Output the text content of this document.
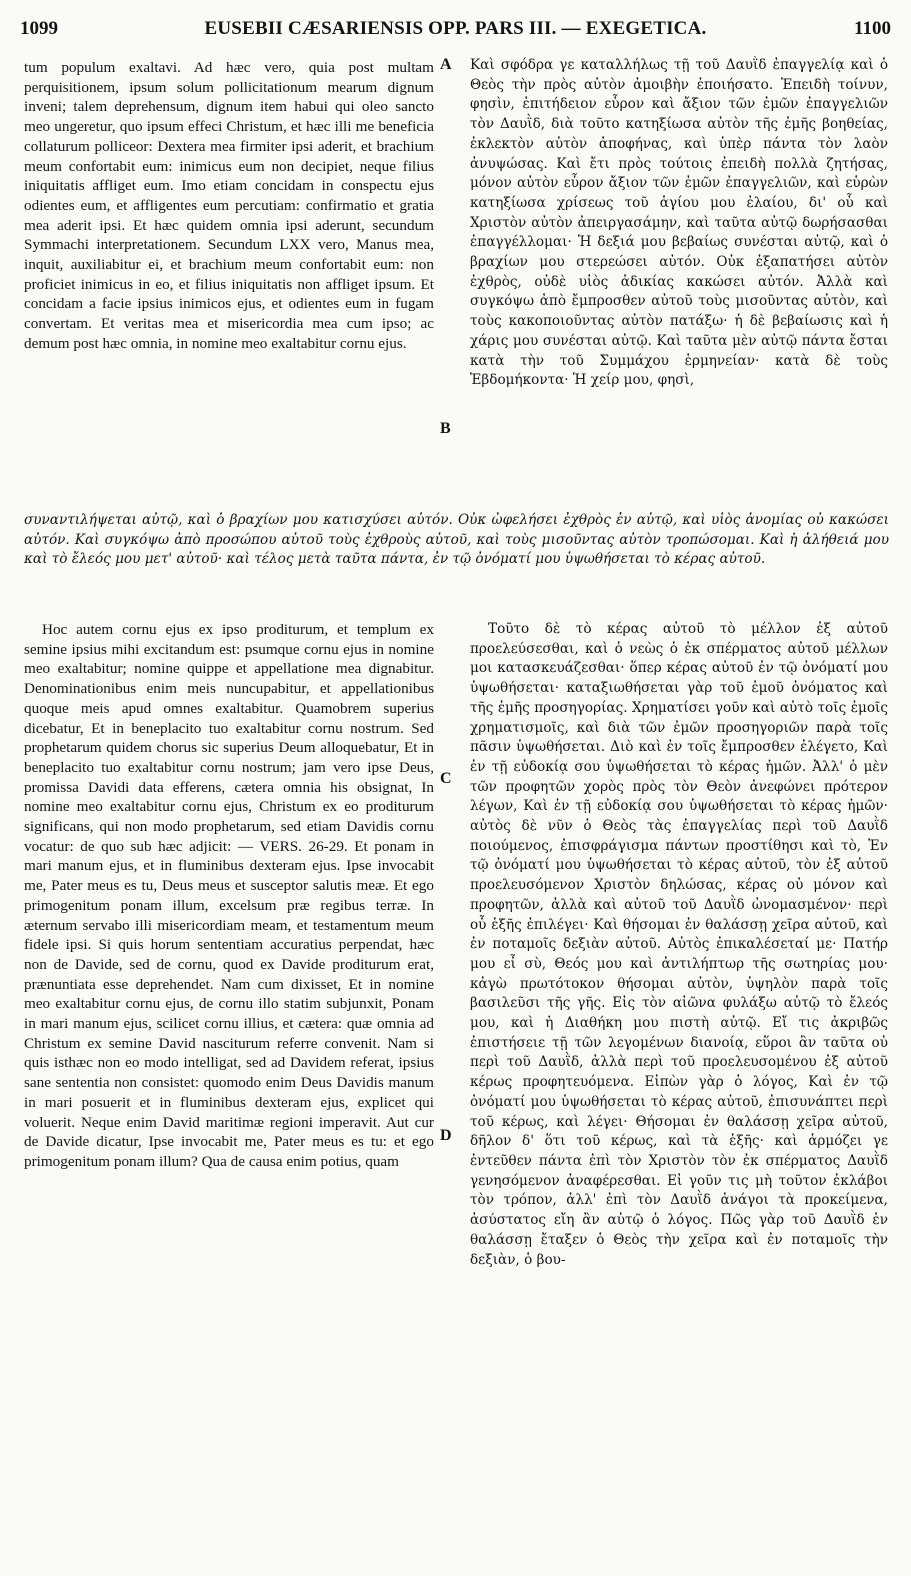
1099	EUSEBII CÆSARIENSIS OPP. PARS III. — EXEGETICA.	1100
A
B
C
D

tum populum exaltavi. Ad hæc vero, quia post multam perquisitionem, ipsum solum pollicitationum mearum dignum inveni; talem deprehensum, dignum item habui qui oleo sancto meo ungeretur, quo ipsum effeci Christum, et hæc illi me beneficia collaturum polliceor: Dextera mea firmiter ipsi aderit, et brachium meum confortabit eum: inimicus eum non decipiet, neque filius iniquitatis affliget eum. Imo etiam concidam in conspectu ejus odientes eum, et affligentes eum percutiam: confirmatio et gratia mea aderit ipsi. Et hæc quidem omnia ipsi aderunt, secundum Symmachi interpretationem. Secundum LXX vero, Manus mea, inquit, auxiliabitur ei, et brachium meum confortabit eum: non proficiet inimicus in eo, et filius iniquitatis non affliget ipsum. Et concidam a facie ipsius inimicos ejus, et odientes eum in fugam convertam. Et veritas mea et misericordia mea cum ipso; ac demum post hæc omnia, in nomine meo exaltabitur cornu ejus.

Καὶ σφόδρα γε καταλλήλως τῇ τοῦ Δαυῒδ ἐπαγγελίᾳ καὶ ὁ Θεὸς τὴν πρὸς αὐτὸν ἀμοιβὴν ἐποιήσατο. Ἐπειδὴ τοίνυν, φησὶν, ἐπιτήδειον εὗρον καὶ ἄξιον τῶν ἐμῶν ἐπαγγελιῶν τὸν Δαυῒδ, διὰ τοῦτο κατηξίωσα αὐτὸν τῆς ἐμῆς βοηθείας, ἐκλεκτὸν αὐτὸν ἀποφήνας, καὶ ὑπὲρ πάντα τὸν λαὸν ἀνυψώσας. Καὶ ἔτι πρὸς τούτοις ἐπειδὴ πολλὰ ζητήσας, μόνον αὐτὸν εὗρον ἄξιον τῶν ἐμῶν ἐπαγγελιῶν, καὶ εὑρὼν κατηξίωσα χρίσεως τοῦ ἁγίου μου ἐλαίου, δι' οὗ καὶ Χριστὸν αὐτὸν ἀπειργασάμην, καὶ ταῦτα αὐτῷ δωρήσασθαι ἐπαγγέλλομαι· Ἡ δεξιά μου βεβαίως συνέσται αὐτῷ, καὶ ὁ βραχίων μου στερεώσει αὐτόν. Οὐκ ἐξαπατήσει αὐτὸν ἐχθρὸς, οὐδὲ υἱὸς ἀδικίας κακώσει αὐτόν. Ἀλλὰ καὶ συγκόψω ἀπὸ ἔμπροσθεν αὐτοῦ τοὺς μισοῦντας αὐτὸν, καὶ τοὺς κακοποιοῦντας αὐτὸν πατάξω· ἡ δὲ βεβαίωσις καὶ ἡ χάρις μου συνέσται αὐτῷ. Καὶ ταῦτα μὲν αὐτῷ πάντα ἔσται κατὰ τὴν τοῦ Συμμάχου ἑρμηνείαν· κατὰ δὲ τοὺς Ἑβδομήκοντα· Ἡ χείρ μου, φησὶ,

συναντιλήψεται αὐτῷ, καὶ ὁ βραχίων μου κατισχύσει αὐτόν. Οὐκ ὠφελήσει ἐχθρὸς ἐν αὐτῷ, καὶ υἱὸς ἀνομίας οὐ κακώσει αὐτόν. Καὶ συγκόψω ἀπὸ προσώπου αὐτοῦ τοὺς ἐχθροὺς αὐτοῦ, καὶ τοὺς μισοῦντας αὐτὸν τροπώσομαι. Καὶ ἡ ἀλήθειά μου καὶ τὸ ἔλεός μου μετ' αὐτοῦ· καὶ τέλος μετὰ ταῦτα πάντα, ἐν τῷ ὀνόματί μου ὑψωθήσεται τὸ κέρας αὐτοῦ.

Hoc autem cornu ejus ex ipso proditurum, et templum ex semine ipsius mihi excitandum est: psumque cornu ejus in nomine meo exaltabitur; nomine quippe et appellatione mea dignabitur. Denominationibus enim meis nuncupabitur, et appellationibus quoque meis apud omnes exaltabitur. Quamobrem superius dicebatur, Et in beneplacito tuo exaltabitur cornu nostrum. Sed prophetarum quidem chorus sic superius Deum alloquebatur, Et in beneplacito tuo exaltabitur cornu nostrum; jam vero ipse Deus, promissa Davidi data efferens, cætera omnia his obsignat, In nomine meo exaltabitur cornu ejus, Christum ex eo proditurum significans, qui non modo prophetarum, sed etiam Davidis cornu vocatur: de quo sub hæc adjicit: — VERS. 26-29. Et ponam in mari manum ejus, et in fluminibus dexteram ejus. Ipse invocabit me, Pater meus es tu, Deus meus et susceptor salutis meæ. Et ego primogenitum ponam illum, excelsum præ regibus terræ. In æternum servabo illi misericordiam meam, et testamentum meum fidele ipsi. Si quis horum sententiam accuratius perpendat, hæc non de Davide, sed de cornu, quod ex Davide proditurum erat, prænuntiata esse deprehendet. Nam cum dixisset, Et in nomine meo exaltabitur cornu ejus, de cornu illo statim subjunxit, Ponam in mari manum ejus, scilicet cornu illius, et cætera: quæ omnia ad Christum ex semine David nasciturum referre convenit. Nam si quis isthæc non eo modo intelligat, sed ad Davidem referat, ipsius sane sententia non consistet: quomodo enim Deus Davidis manum in mari posuerit et in fluminibus dexteram ejus, explicet qui voluerit. Neque enim David maritimæ regioni imperavit. Aut cur de Davide dicatur, Ipse invocabit me, Pater meus es tu: et ego primogenitum ponam illum? Qua de causa enim potius, quam

Τοῦτο δὲ τὸ κέρας αὐτοῦ τὸ μέλλον ἐξ αὐτοῦ προελεύσεσθαι, καὶ ὁ νεὼς ὁ ἐκ σπέρματος αὐτοῦ μέλλων μοι κατασκευάζεσθαι· ὅπερ κέρας αὐτοῦ ἐν τῷ ὀνόματί μου ὑψωθήσεται· καταξιωθήσεται γὰρ τοῦ ἐμοῦ ὀνόματος καὶ τῆς ἐμῆς προσηγορίας. Χρηματίσει γοῦν καὶ αὐτὸ τοῖς ἐμοῖς χρηματισμοῖς, καὶ διὰ τῶν ἐμῶν προσηγοριῶν παρὰ τοῖς πᾶσιν ὑψωθήσεται. Διὸ καὶ ἐν τοῖς ἔμπροσθεν ἐλέγετο, Καὶ ἐν τῇ εὐδοκίᾳ σου ὑψωθήσεται τὸ κέρας ἡμῶν. Ἀλλ' ὁ μὲν τῶν προφητῶν χορὸς πρὸς τὸν Θεὸν ἀνεφώνει πρότερον λέγων, Καὶ ἐν τῇ εὐδοκίᾳ σου ὑψωθήσεται τὸ κέρας ἡμῶν· αὐτὸς δὲ νῦν ὁ Θεὸς τὰς ἐπαγγελίας περὶ τοῦ Δαυῒδ ποιούμενος, ἐπισφράγισμα πάντων προστίθησι καὶ τὸ, Ἐν τῷ ὀνόματί μου ὑψωθήσεται τὸ κέρας αὐτοῦ, τὸν ἐξ αὐτοῦ προελευσόμενον Χριστὸν δηλώσας, κέρας οὐ μόνον καὶ προφητῶν, ἀλλὰ καὶ αὐτοῦ τοῦ Δαυῒδ ὠνομασμένον· περὶ οὗ ἑξῆς ἐπιλέγει· Καὶ θήσομαι ἐν θαλάσσῃ χεῖρα αὐτοῦ, καὶ ἐν ποταμοῖς δεξιὰν αὐτοῦ. Αὐτὸς ἐπικαλέσεταί με· Πατήρ μου εἶ σὺ, Θεός μου καὶ ἀντιλήπτωρ τῆς σωτηρίας μου· κἀγὼ πρωτότοκον θήσομαι αὐτὸν, ὑψηλὸν παρὰ τοῖς βασιλεῦσι τῆς γῆς. Εἰς τὸν αἰῶνα φυλάξω αὐτῷ τὸ ἔλεός μου, καὶ ἡ Διαθήκη μου πιστὴ αὐτῷ. Εἴ τις ἀκριβῶς ἐπιστήσειε τῇ τῶν λεγομένων διανοίᾳ, εὕροι ἂν ταῦτα οὐ περὶ τοῦ Δαυῒδ, ἀλλὰ περὶ τοῦ προελευσομένου ἐξ αὐτοῦ κέρως προφητευόμενα. Εἰπὼν γὰρ ὁ λόγος, Καὶ ἐν τῷ ὀνόματί μου ὑψωθήσεται τὸ κέρας αὐτοῦ, ἐπισυνάπτει περὶ τοῦ κέρως, καὶ λέγει· Θήσομαι ἐν θαλάσσῃ χεῖρα αὐτοῦ, δῆλον δ' ὅτι τοῦ κέρως, καὶ τὰ ἑξῆς· καὶ ἁρμόζει γε ἐντεῦθεν πάντα ἐπὶ τὸν Χριστὸν τὸν ἐκ σπέρματος Δαυῒδ γενησόμενον ἀναφέρεσθαι. Εἰ γοῦν τις μὴ τοῦτον ἐκλάβοι τὸν τρόπον, ἀλλ' ἐπὶ τὸν Δαυῒδ ἀνάγοι τὰ προκείμενα, ἀσύστατος εἴη ἂν αὐτῷ ὁ λόγος. Πῶς γὰρ τοῦ Δαυῒδ ἐν θαλάσσῃ ἔταξεν ὁ Θεὸς τὴν χεῖρα καὶ ἐν ποταμοῖς τὴν δεξιὰν, ὁ βου-
